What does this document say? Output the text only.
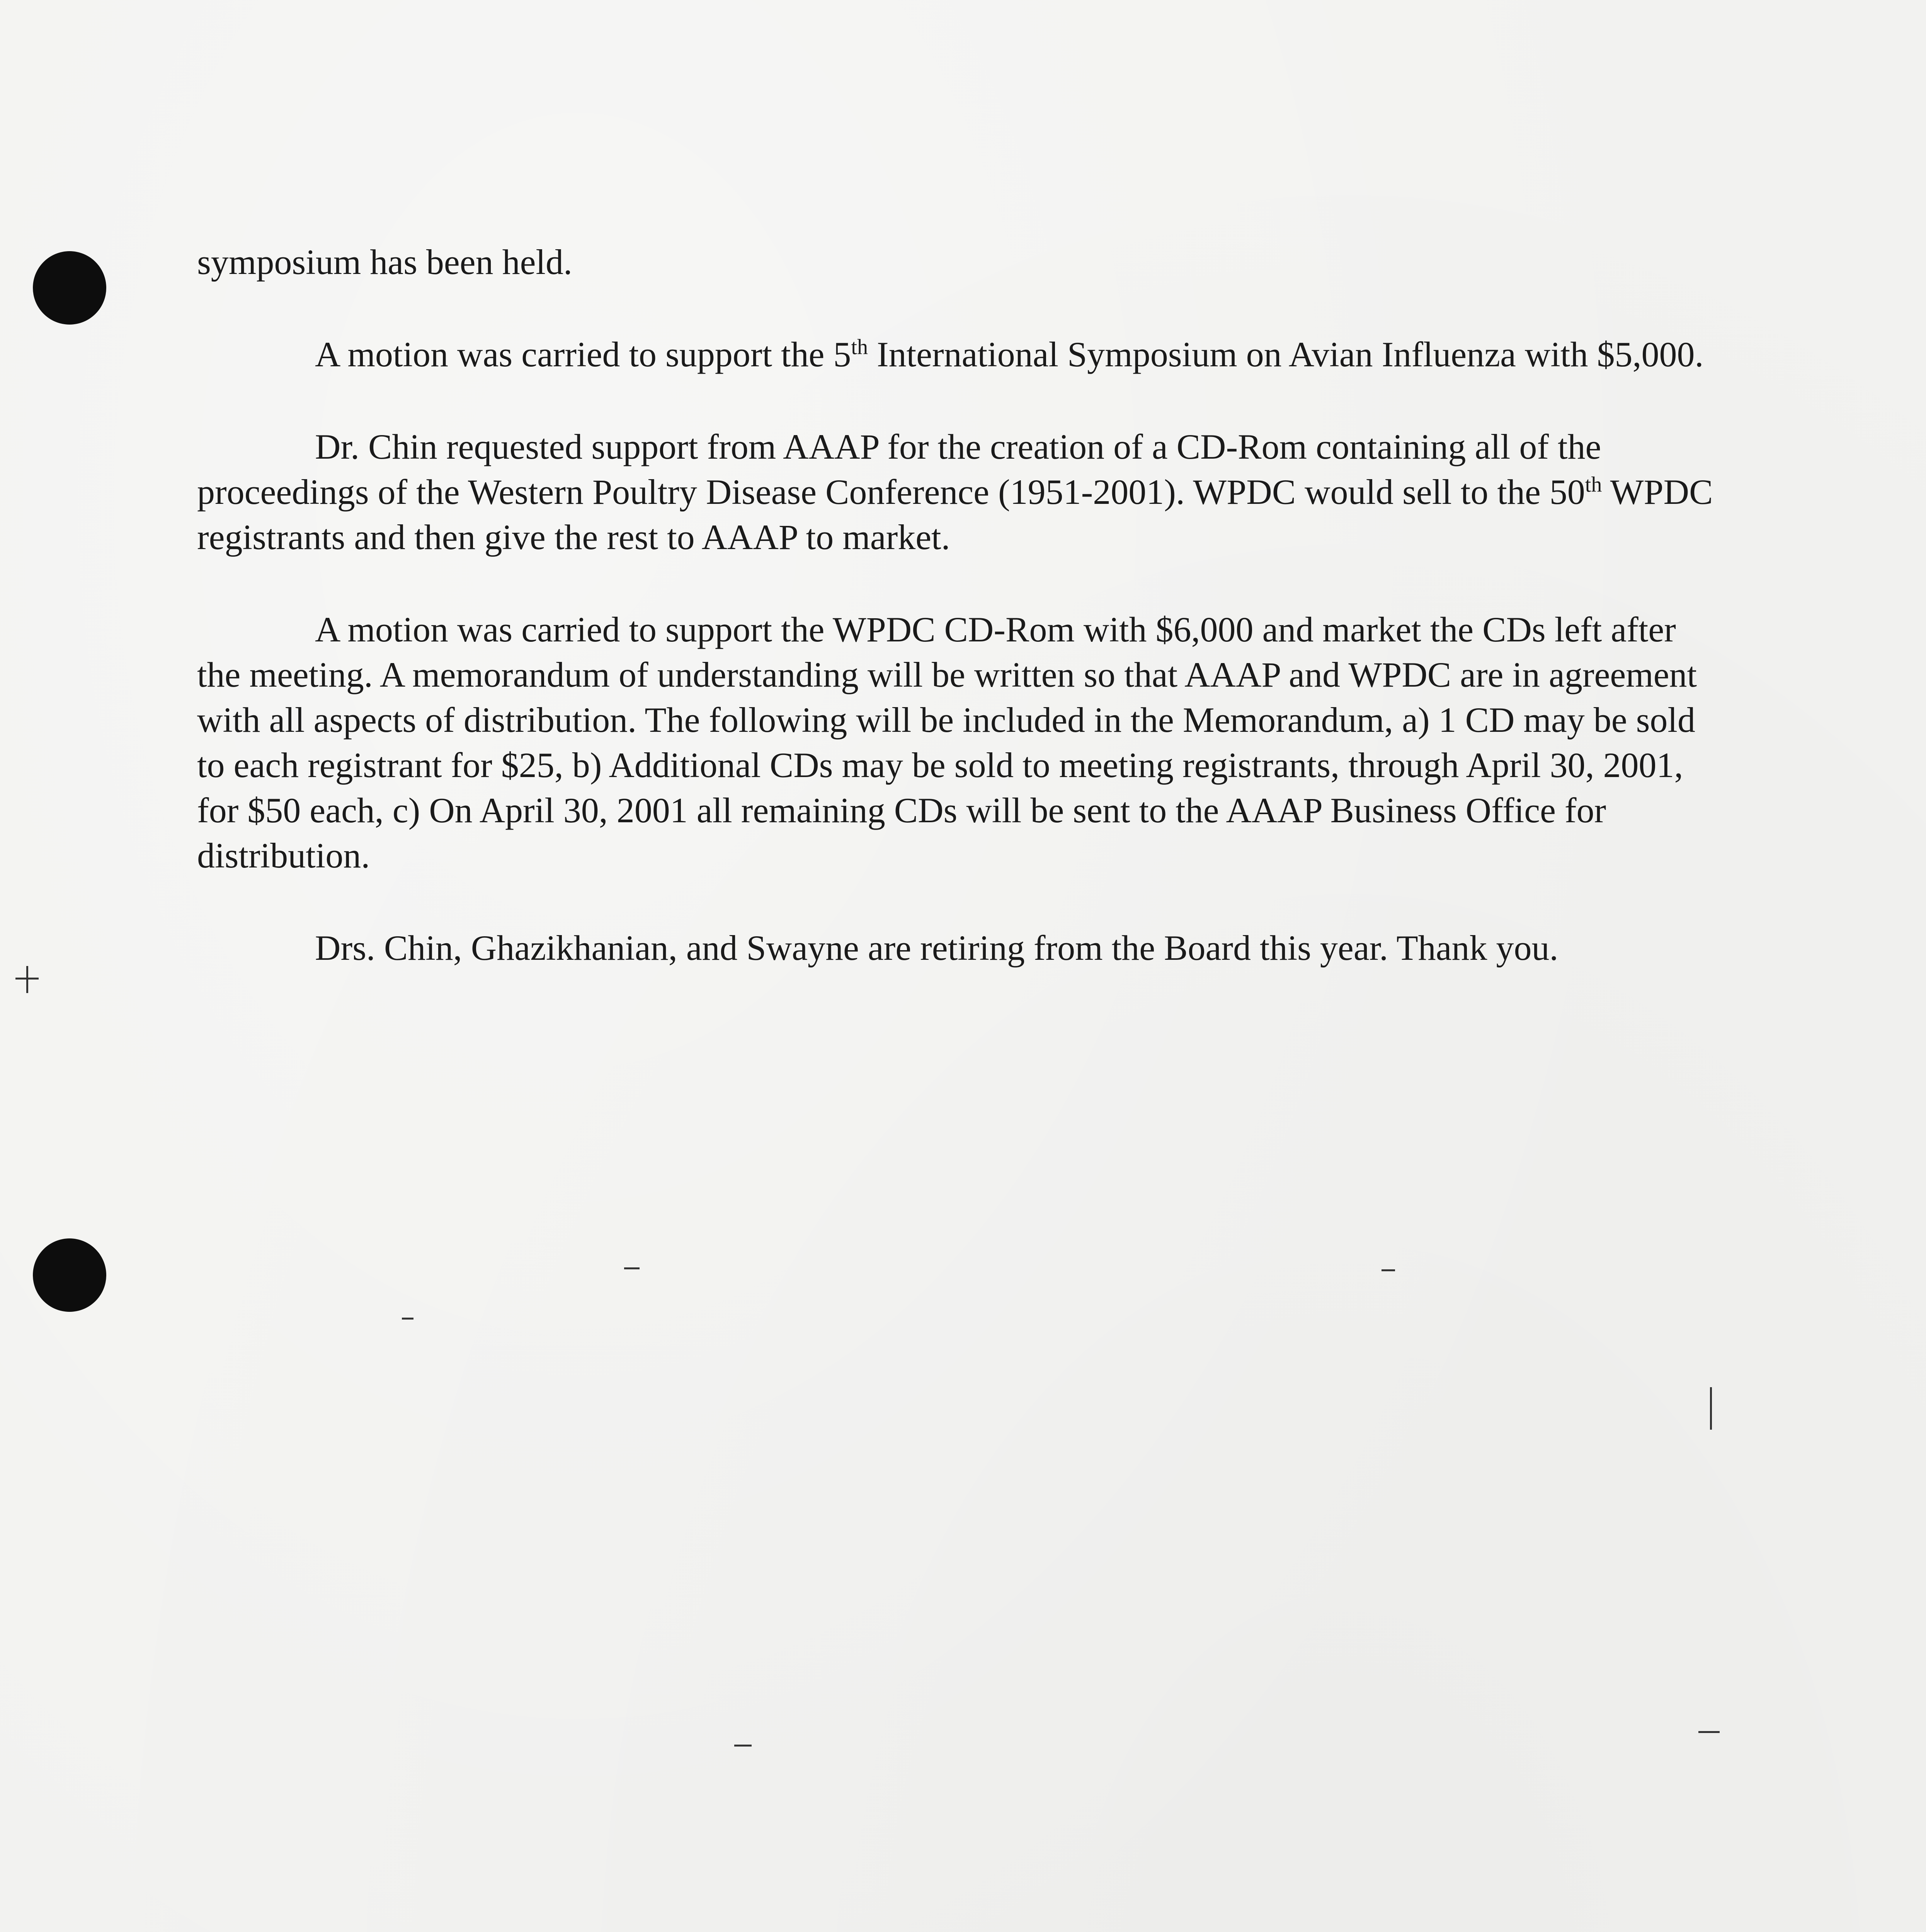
symposium has been held.

A motion was carried to support the 5th International Symposium on Avian Influenza with $5,000.

Dr. Chin requested support from AAAP for the creation of a CD-Rom containing all of the proceedings of the Western Poultry Disease Conference (1951-2001). WPDC would sell to the 50th WPDC registrants and then give the rest to AAAP to market.

A motion was carried to support the WPDC CD-Rom with $6,000 and market the CDs left after the meeting. A memorandum of understanding will be written so that AAAP and WPDC are in agreement with all aspects of distribution. The following will be included in the Memorandum, a) 1 CD may be sold to each registrant for $25, b) Additional CDs may be sold to meeting registrants, through April 30, 2001, for $50 each, c) On April 30, 2001 all remaining CDs will be sent to the AAAP Business Office for distribution.

Drs. Chin, Ghazikhanian, and Swayne are retiring from the Board this year. Thank you.
